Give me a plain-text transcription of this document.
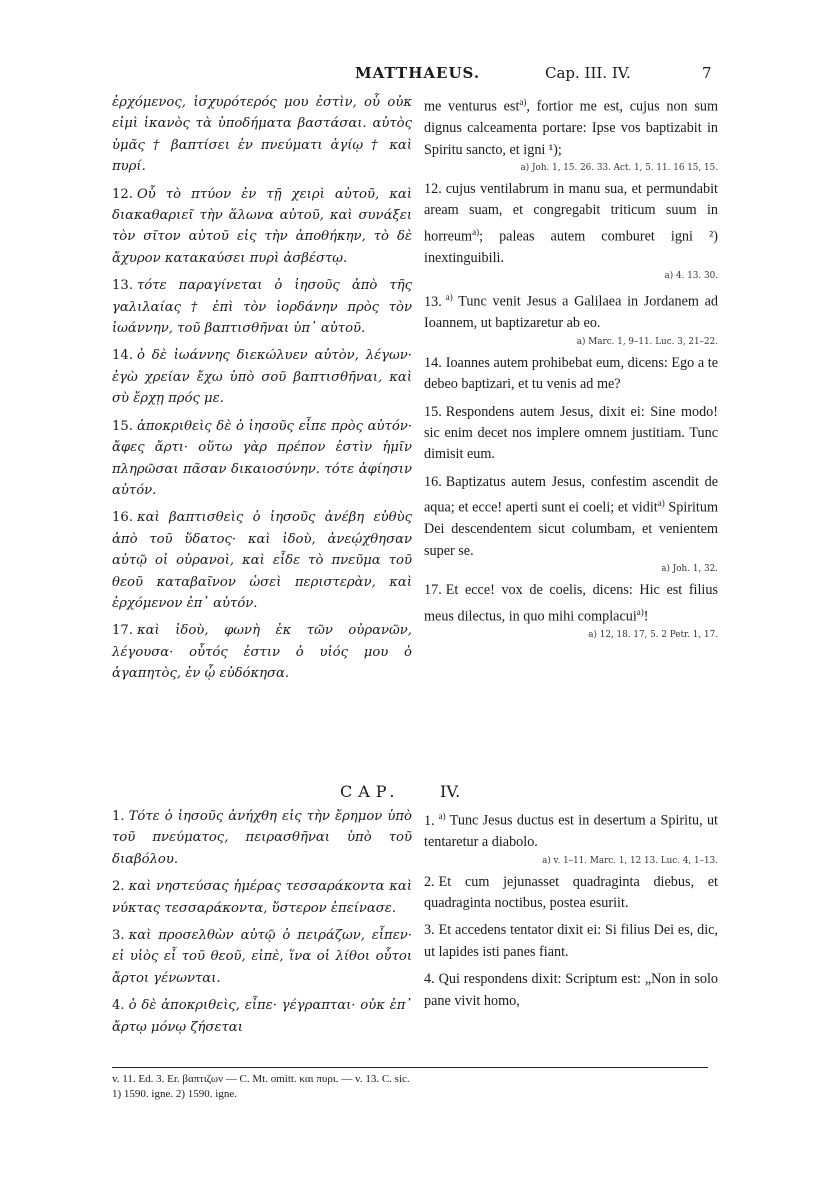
MATTHAEUS.	Cap. III. IV.	7

ἐρχόμενος, ἰσχυρότερός μου ἐστὶν, οὗ οὐκ εἰμὶ ἱκανὸς τὰ ὑποδήματα βαστάσαι. αὐτὸς ὑμᾶς † βαπτίσει ἐν πνεύματι ἁγίῳ † καὶ πυρί.

12. Οὗ τὸ πτύον ἐν τῇ χειρὶ αὐτοῦ, καὶ διακαθαριεῖ τὴν ἅλωνα αὐτοῦ, καὶ συνάξει τὸν σῖτον αὐτοῦ εἰς τὴν ἀποθήκην, τὸ δὲ ἄχυρον κατακαύσει πυρὶ ἀσβέστῳ.

13. τότε παραγίνεται ὁ ἰησοῦς ἀπὸ τῆς γαλιλαίας † ἐπὶ τὸν ἰορδάνην πρὸς τὸν ἰωάννην, τοῦ βαπτισθῆναι ὑπ᾽ αὐτοῦ.

14. ὁ δὲ ἰωάννης διεκώλυεν αὐτὸν, λέγων· ἐγὼ χρείαν ἔχω ὑπὸ σοῦ βαπτισθῆναι, καὶ σὺ ἔρχῃ πρός με.

15. ἀποκριθεὶς δὲ ὁ ἰησοῦς εἶπε πρὸς αὐτόν· ἄφες ἄρτι· οὕτω γὰρ πρέπον ἐστὶν ἡμῖν πληρῶσαι πᾶσαν δικαιοσύνην. τότε ἀφίησιν αὐτόν.

16. καὶ βαπτισθεὶς ὁ ἰησοῦς ἀνέβη εὐθὺς ἀπὸ τοῦ ὕδατος· καὶ ἰδοὺ, ἀνεῴχθησαν αὐτῷ οἱ οὐρανοὶ, καὶ εἶδε τὸ πνεῦμα τοῦ θεοῦ καταβαῖνον ὡσεὶ περιστερὰν, καὶ ἐρχόμενον ἐπ᾽ αὐτόν.

17. καὶ ἰδοὺ, φωνὴ ἐκ τῶν οὐρανῶν, λέγουσα· οὗτός ἐστιν ὁ υἱός μου ὁ ἀγαπητὸς, ἐν ᾧ εὐδόκησα.

me venturus est$^{a)}$, fortior me est, cujus non sum dignus calceamenta portare: Ipse vos baptizabit in Spiritu sancto, et igni ¹);

a) Joh. 1, 15. 26. 33. Act. 1, 5. 11. 16 15, 15.

12. cujus ventilabrum in manu sua, et permundabit aream suam, et congregabit triticum suum in horreum$^{a)}$; paleas autem comburet igni ²) inextinguibili.

a) 4. 13. 30.

13. $^{a)}$ Tunc venit Jesus a Galilaea in Jordanem ad Ioannem, ut baptizaretur ab eo.

a) Marc. 1, 9–11. Luc. 3, 21–22.

14. Ioannes autem prohibebat eum, dicens: Ego a te debeo baptizari, et tu venis ad me?

15. Respondens autem Jesus, dixit ei: Sine modo! sic enim decet nos implere omnem justitiam. Tunc dimisit eum.

16. Baptizatus autem Jesus, confestim ascendit de aqua; et ecce! aperti sunt ei coeli; et vidit$^{a)}$ Spiritum Dei descendentem sicut columbam, et venientem super se.

a) Joh. 1, 32.

17. Et ecce! vox de coelis, dicens: Hic est filius meus dilectus, in quo mihi complacui$^{a)}$!

a) 12, 18. 17, 5. 2 Petr. 1, 17.
CAP. IV.

1. Τότε ὁ ἰησοῦς ἀνήχθη εἰς τὴν ἔρημον ὑπὸ τοῦ πνεύματος, πειρασθῆναι ὑπὸ τοῦ διαβόλου.

2. καὶ νηστεύσας ἡμέρας τεσσαράκοντα καὶ νύκτας τεσσαράκοντα, ὕστερον ἐπείνασε.

3. καὶ προσελθὼν αὐτῷ ὁ πειράζων, εἶπεν· εἰ υἱὸς εἶ τοῦ θεοῦ, εἰπὲ, ἵνα οἱ λίθοι οὗτοι ἄρτοι γένωνται.

4. ὁ δὲ ἀποκριθεὶς, εἶπε· γέγραπται· οὐκ ἐπ᾽ ἄρτῳ μόνῳ ζήσεται

1. $^{a)}$ Tunc Jesus ductus est in desertum a Spiritu, ut tentaretur a diabolo.

a) v. 1–11. Marc. 1, 12 13. Luc. 4, 1–13.

2. Et cum jejunasset quadraginta diebus, et quadraginta noctibus, postea esuriit.

3. Et accedens tentator dixit ei: Si filius Dei es, dic, ut lapides isti panes fiant.

4. Qui respondens dixit: Scriptum est: „Non in solo pane vivit homo,

v. 11. Ed. 3. Er. βαπτιζων — C. Mt. omitt. και πυρι. — v. 13. C. sic.
1) 1590. igne. 2) 1590. igne.
